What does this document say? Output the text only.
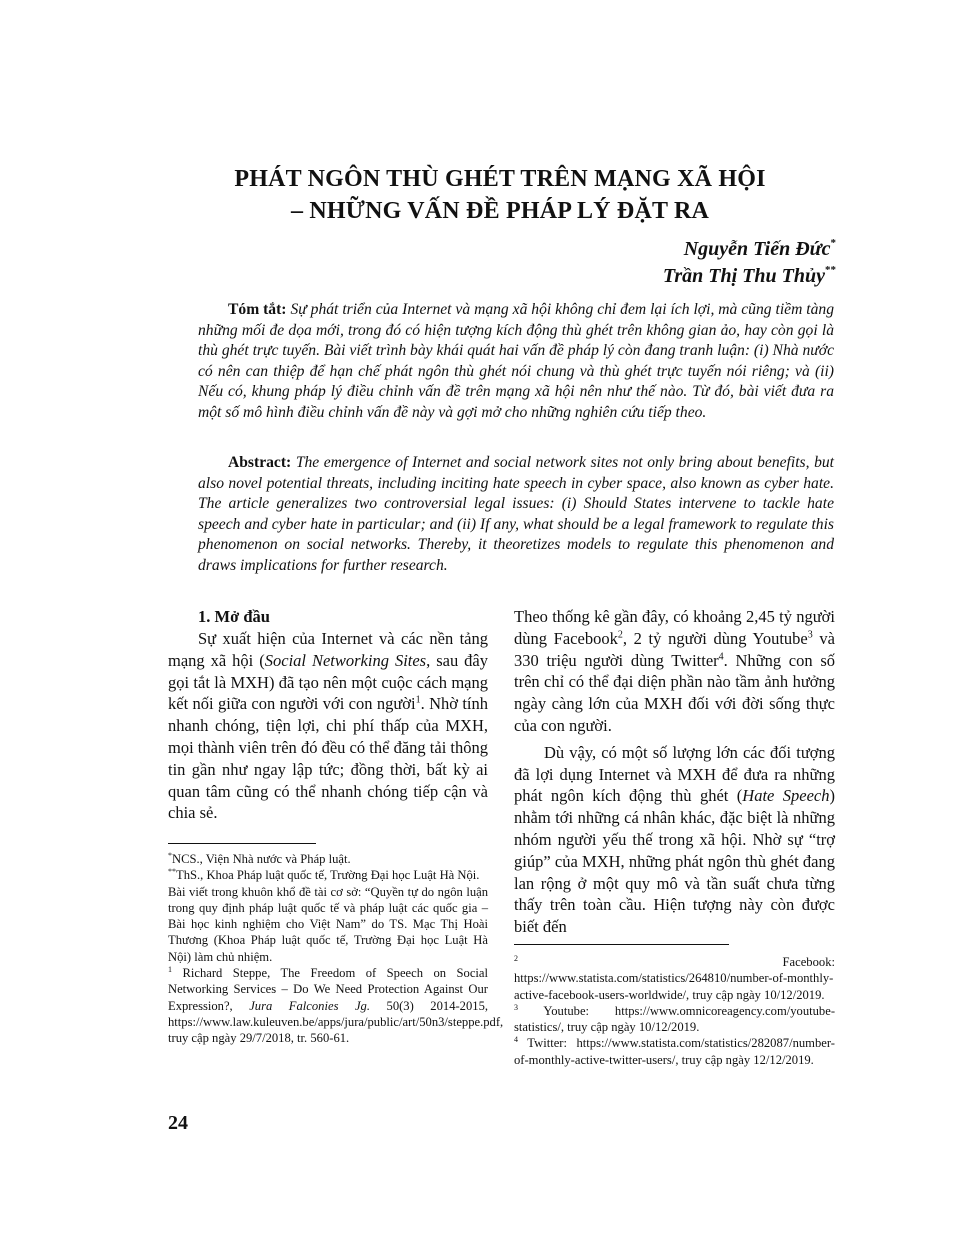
PHÁT NGÔN THÙ GHÉT TRÊN MẠNG XÃ HỘI
– NHỮNG VẤN ĐỀ PHÁP LÝ ĐẶT RA
Nguyễn Tiến Đức*
Trần Thị Thu Thủy**
Tóm tắt: Sự phát triển của Internet và mạng xã hội không chỉ đem lại ích lợi, mà cũng tiềm tàng những mối đe dọa mới, trong đó có hiện tượng kích động thù ghét trên không gian ảo, hay còn gọi là thù ghét trực tuyến. Bài viết trình bày khái quát hai vấn đề pháp lý còn đang tranh luận: (i) Nhà nước có nên can thiệp để hạn chế phát ngôn thù ghét nói chung và thù ghét trực tuyến nói riêng; và (ii) Nếu có, khung pháp lý điều chỉnh vấn đề trên mạng xã hội nên như thế nào. Từ đó, bài viết đưa ra một số mô hình điều chỉnh vấn đề này và gợi mở cho những nghiên cứu tiếp theo.
Abstract: The emergence of Internet and social network sites not only bring about benefits, but also novel potential threats, including inciting hate speech in cyber space, also known as cyber hate. The article generalizes two controversial legal issues: (i) Should States intervene to tackle hate speech and cyber hate in particular; and (ii) If any, what should be a legal framework to regulate this phenomenon on social networks. Thereby, it theoretizes models to regulate this phenomenon and draws implications for further research.
1. Mở đầu

Sự xuất hiện của Internet và các nền tảng mạng xã hội (Social Networking Sites, sau đây gọi tắt là MXH) đã tạo nên một cuộc cách mạng kết nối giữa con người với con người$^1$. Nhờ tính nhanh chóng, tiện lợi, chi phí thấp của MXH, mọi thành viên trên đó đều có thể đăng tải thông tin gần như ngay lập tức; đồng thời, bất kỳ ai quan tâm cũng có thể nhanh chóng tiếp cận và chia sẻ.

Theo thống kê gần đây, có khoảng 2,45 tỷ người dùng Facebook$^2$, 2 tỷ người dùng Youtube$^3$ và 330 triệu người dùng Twitter$^4$. Những con số trên chỉ có thể đại diện phần nào tầm ảnh hưởng ngày càng lớn của MXH đối với đời sống thực của con người.

Dù vậy, có một số lượng lớn các đối tượng đã lợi dụng Internet và MXH để đưa ra những phát ngôn kích động thù ghét (Hate Speech) nhằm tới những cá nhân khác, đặc biệt là những nhóm người yếu thế trong xã hội. Nhờ sự “trợ giúp” của MXH, những phát ngôn thù ghét đang lan rộng ở một quy mô và tần suất chưa từng thấy trên toàn cầu. Hiện tượng này còn được biết đến

*NCS., Viện Nhà nước và Pháp luật.

**ThS., Khoa Pháp luật quốc tế, Trường Đại học Luật Hà Nội.

Bài viết trong khuôn khổ đề tài cơ sở: “Quyền tự do ngôn luận trong quy định pháp luật quốc tế và pháp luật các quốc gia – Bài học kinh nghiệm cho Việt Nam” do TS. Mạc Thị Hoài Thương (Khoa Pháp luật quốc tế, Trường Đại học Luật Hà Nội) làm chủ nhiệm.

$^1$ Richard Steppe, The Freedom of Speech on Social Networking Services – Do We Need Protection Against Our Expression?, Jura Falconies Jg. 50(3) 2014-2015, https://www.law.kuleuven.be/apps/jura/public/art/50n3/steppe.pdf, truy cập ngày 29/7/2018, tr. 560-61.

$^2$	Facebook: https://www.statista.com/statistics/264810/number-of-monthly-active-facebook-users-worldwide/, truy cập ngày 10/12/2019.

$^3$ Youtube: https://www.omnicoreagency.com/youtube-statistics/, truy cập ngày 10/12/2019.

$^4$ Twitter: https://www.statista.com/statistics/282087/number-of-monthly-active-twitter-users/, truy cập ngày 12/12/2019.

24
